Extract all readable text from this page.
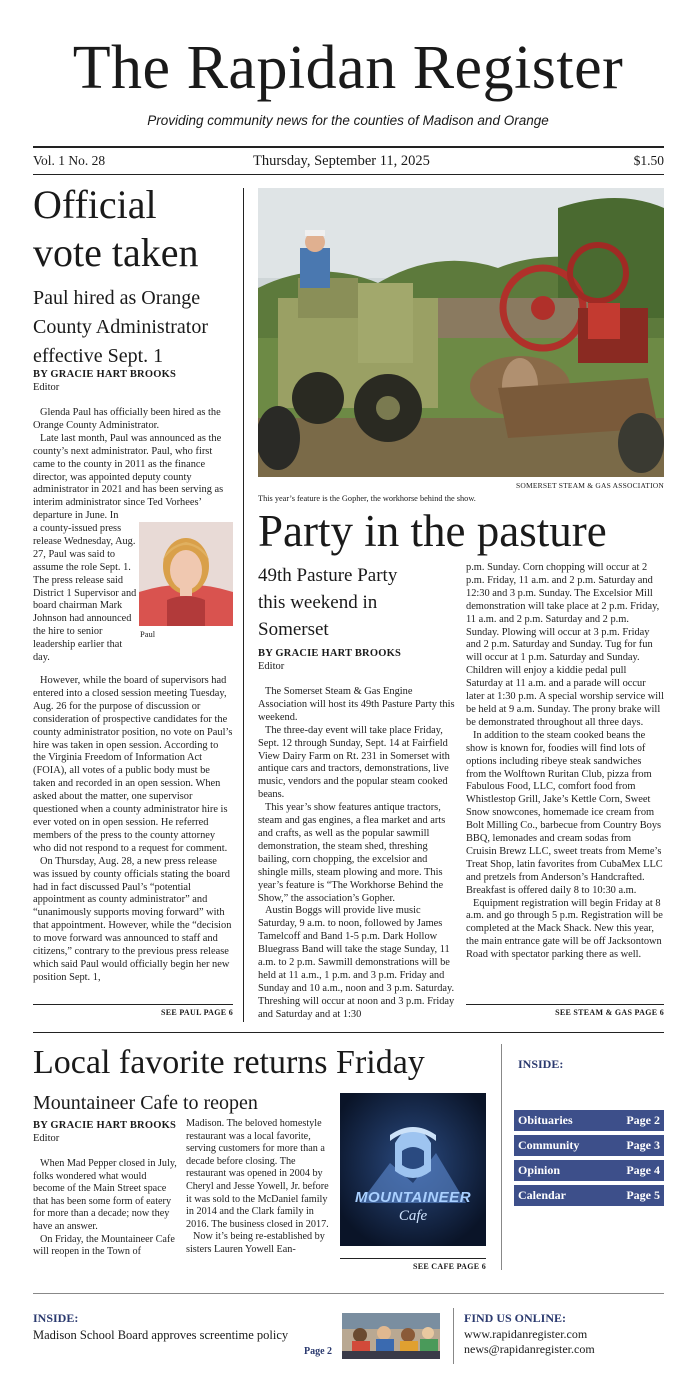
The Rapidan Register
Providing community news for the counties of Madison and Orange
Vol. 1 No. 28	Thursday, September 11, 2025	$1.50
Official
vote taken
Paul hired as Orange
County Administrator
effective Sept. 1
BY GRACIE HART BROOKS
Editor

Glenda Paul has officially been hired as the Orange County Administrator.

Late last month, Paul was announced as the county’s next administrator. Paul, who first came to the county in 2011 as the finance director, was appointed deputy county administrator in 2021 and has been serving as interim administrator since Ted Vorhees’ departure in June. In

a county-issued press release Wednesday, Aug. 27, Paul was said to assume the role Sept. 1. The press release said District 1 Supervisor and board chairman Mark Johnson had announced the hire to senior leadership earlier that day.
Paul

However, while the board of supervisors had entered into a closed session meeting Tuesday, Aug. 26 for the purpose of discussion or consideration of prospective candidates for the county administrator position, no vote on Paul’s hire was taken in open session. According to the Virginia Freedom of Information Act (FOIA), all votes of a public body must be taken and recorded in an open session. When asked about the matter, one supervisor questioned when a county administrator hire is ever voted on in open session. He referred members of the press to the county attorney who did not respond to a request for comment.

On Thursday, Aug. 28, a new press release was issued by county officials stating the board had in fact discussed Paul’s “potential appointment as county administrator” and “unanimously supports moving forward” with that appointment. However, while the “decision to move forward was announced to staff and citizens,” contrary to the previous press release which said Paul would officially begin her new position Sept. 1,

SEE PAUL PAGE 6
SOMERSET STEAM & GAS ASSOCIATION
This year’s feature is the Gopher, the workhorse behind the show.
Party in the pasture
49th Pasture Party
this weekend in
Somerset
BY GRACIE HART BROOKS
Editor

The Somerset Steam & Gas Engine Association will host its 49th Pasture Party this weekend.

The three-day event will take place Friday, Sept. 12 through Sunday, Sept. 14 at Fairfield View Dairy Farm on Rt. 231 in Somerset with antique cars and tractors, demonstrations, live music, vendors and the popular steam cooked beans.

This year’s show features antique tractors, steam and gas engines, a flea market and arts and crafts, as well as the popular sawmill demonstration, the steam shed, threshing bailing, corn chopping, the excelsior and shingle mills, steam plowing and more. This year’s feature is “The Workhorse Behind the Show,” the association’s Gopher.

Austin Boggs will provide live music Saturday, 9 a.m. to noon, followed by James Tamelcoff and Band 1-5 p.m. Dark Hollow Bluegrass Band will take the stage Sunday, 11 a.m. to 2 p.m. Sawmill demonstrations will be held at 11 a.m., 1 p.m. and 3 p.m. Friday and Sunday and 10 a.m., noon and 3 p.m. Saturday. Threshing will occur at noon and 3 p.m. Friday and Saturday and at 1:30

p.m. Sunday. Corn chopping will occur at 2 p.m. Friday, 11 a.m. and 2 p.m. Saturday and 12:30 and 3 p.m. Sunday. The Excelsior Mill demonstration will take place at 2 p.m. Friday, 11 a.m. and 2 p.m. Saturday and 2 p.m. Sunday. Plowing will occur at 3 p.m. Friday and 2 p.m. Saturday and Sunday. Tug for fun will occur at 1 p.m. Saturday and Sunday. Children will enjoy a kiddie pedal pull Saturday at 11 a.m. and a parade will occur later at 1:30 p.m. A special worship service will be held at 9 a.m. Sunday. The prony brake will be demonstrated throughout all three days.

In addition to the steam cooked beans the show is known for, foodies will find lots of options including ribeye steak sandwiches from the Wolftown Ruritan Club, pizza from Fabulous Food, LLC, comfort food from Whistlestop Grill, Jake’s Kettle Corn, Sweet Snow snowcones, homemade ice cream from Bolt Milling Co., barbecue from Country Boys BBQ, lemonades and cream sodas from Cruisin Brewz LLC, sweet treats from Meme’s Treat Shop, latin favorites from CubaMex LLC and pretzels from Anderson’s Handcrafted. Breakfast is offered daily 8 to 10:30 a.m.

Equipment registration will begin Friday at 8 a.m. and go through 5 p.m. Registration will be completed at the Mack Shack. New this year, the main entrance gate will be off Jacksontown Road with spectator parking there as well.

SEE STEAM & GAS PAGE 6
Local favorite returns Friday
Mountaineer Cafe to reopen
BY GRACIE HART BROOKS
Editor

When Mad Pepper closed in July, folks wondered what would become of the Main Street space that has been some form of eatery for more than a decade; now they have an answer.

On Friday, the Mountaineer Cafe will reopen in the Town of

Madison. The beloved homestyle restaurant was a local favorite, serving customers for more than a decade before closing. The restaurant was opened in 2004 by Cheryl and Jesse Yowell, Jr. before it was sold to the McDaniel family in 2014 and the Clark family in 2016. The business closed in 2017.

Now it’s being re-established by sisters Lauren Yowell Ean-

MOUNTAINEER
Cafe
SEE CAFE PAGE 6
INSIDE:
Obituaries	Page 2
Community	Page 3
Opinion	Page 4
Calendar	Page 5
INSIDE:
Madison School Board approves screentime policy
Page 2
FIND US ONLINE:
www.rapidanregister.com
news@rapidanregister.com
